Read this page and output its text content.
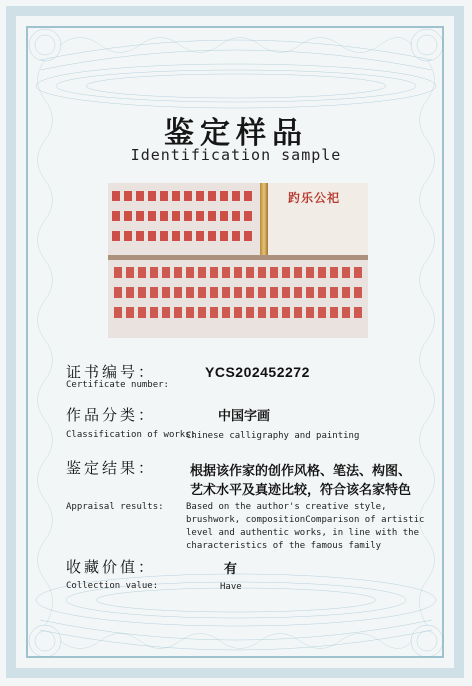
鉴定样品
Identification sample
趵乐公祀
证书编号：
Certificate number:
YCS202452272
作品分类：
Classification of works:
中国字画
Chinese calligraphy and painting
鉴定结果：
Appraisal results:
根据该作家的创作风格、笔法、构图、
艺术水平及真迹比较，符合该名家特色
Based on the author's creative style,
brushwork, compositionComparison of artistic
level and authentic works, in line with the
characteristics of the famous family
收藏价值：
Collection value:
有
Have
